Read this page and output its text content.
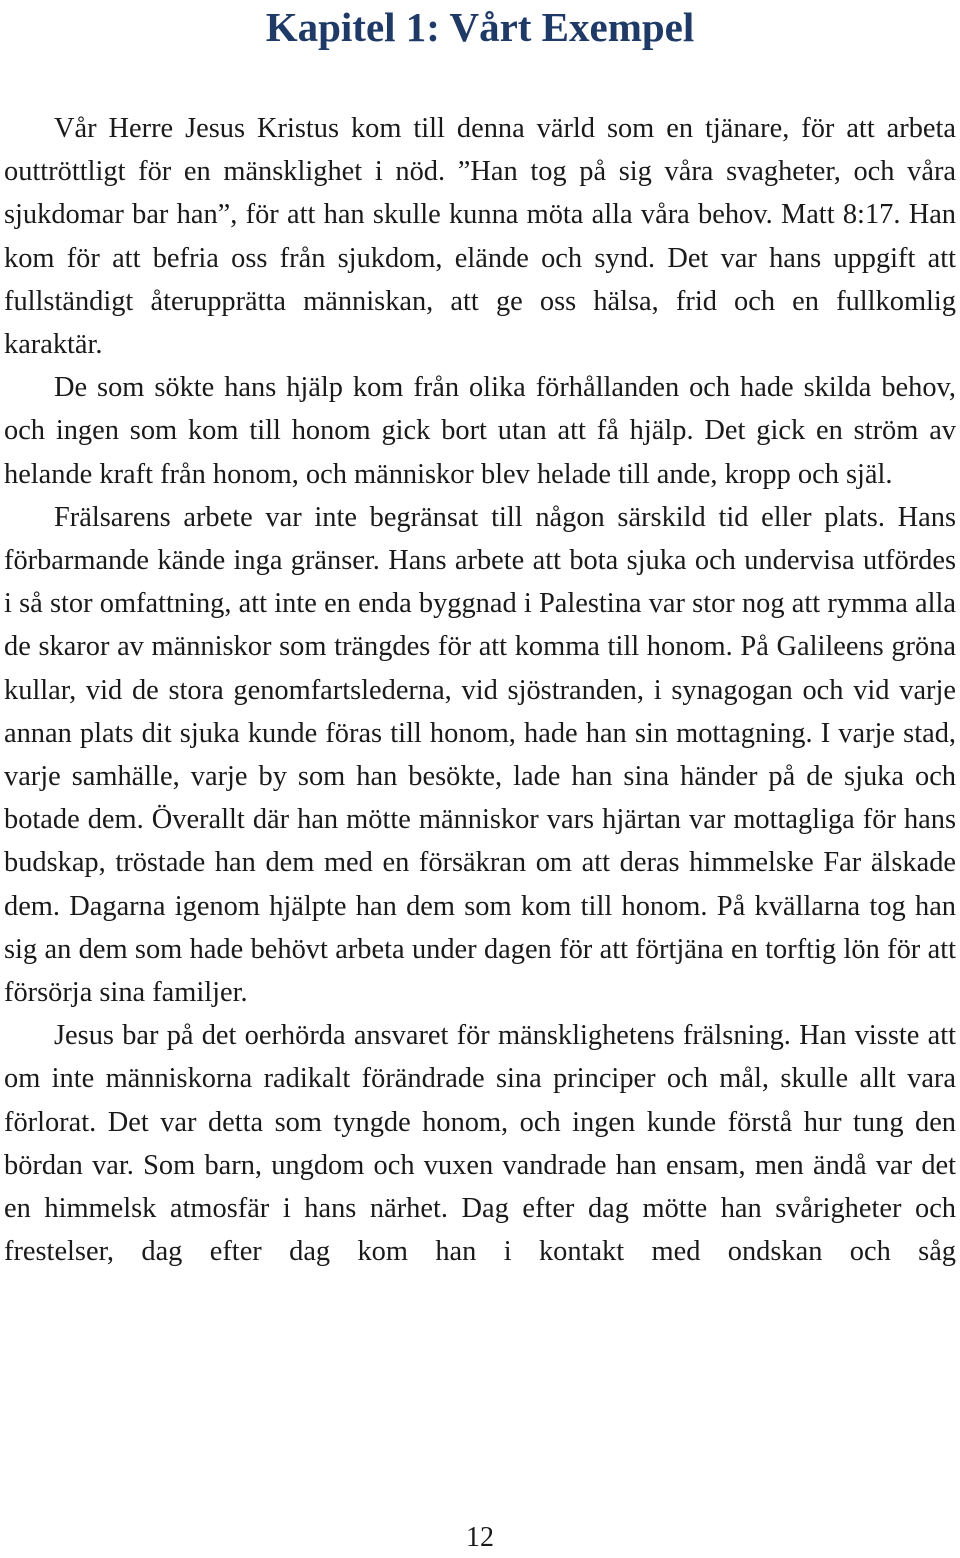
Kapitel 1: Vårt Exempel

Vår Herre Jesus Kristus kom till denna värld som en tjänare, för att arbeta outtröttligt för en mänsklighet i nöd. ”Han tog på sig våra svagheter, och våra sjukdomar bar han”, för att han skulle kunna möta alla våra behov. Matt 8:17. Han kom för att befria oss från sjukdom, elände och synd. Det var hans uppgift att fullständigt återupprätta människan, att ge oss hälsa, frid och en fullkomlig karaktär.

De som sökte hans hjälp kom från olika förhållanden och hade skilda behov, och ingen som kom till honom gick bort utan att få hjälp. Det gick en ström av helande kraft från honom, och människor blev helade till ande, kropp och själ.

Frälsarens arbete var inte begränsat till någon särskild tid eller plats. Hans förbarmande kände inga gränser. Hans arbete att bota sjuka och undervisa utfördes i så stor omfattning, att inte en enda byggnad i Palestina var stor nog att rymma alla de skaror av människor som trängdes för att komma till honom. På Galileens gröna kullar, vid de stora genomfartslederna, vid sjöstranden, i synagogan och vid varje annan plats dit sjuka kunde föras till honom, hade han sin mottagning. I varje stad, varje samhälle, varje by som han besökte, lade han sina händer på de sjuka och botade dem. Överallt där han mötte människor vars hjärtan var mottagliga för hans budskap, tröstade han dem med en försäkran om att deras himmelske Far älskade dem. Dagarna igenom hjälpte han dem som kom till honom. På kvällarna tog han sig an dem som hade behövt arbeta under dagen för att förtjäna en torftig lön för att försörja sina familjer.

Jesus bar på det oerhörda ansvaret för mänsklighetens frälsning. Han visste att om inte människorna radikalt förändrade sina principer och mål, skulle allt vara förlorat. Det var detta som tyngde honom, och ingen kunde förstå hur tung den bördan var. Som barn, ungdom och vuxen vandrade han ensam, men ändå var det en himmelsk atmosfär i hans närhet. Dag efter dag mötte han svårigheter och frestelser, dag efter dag kom han i kontakt med ondskan och såg

12
